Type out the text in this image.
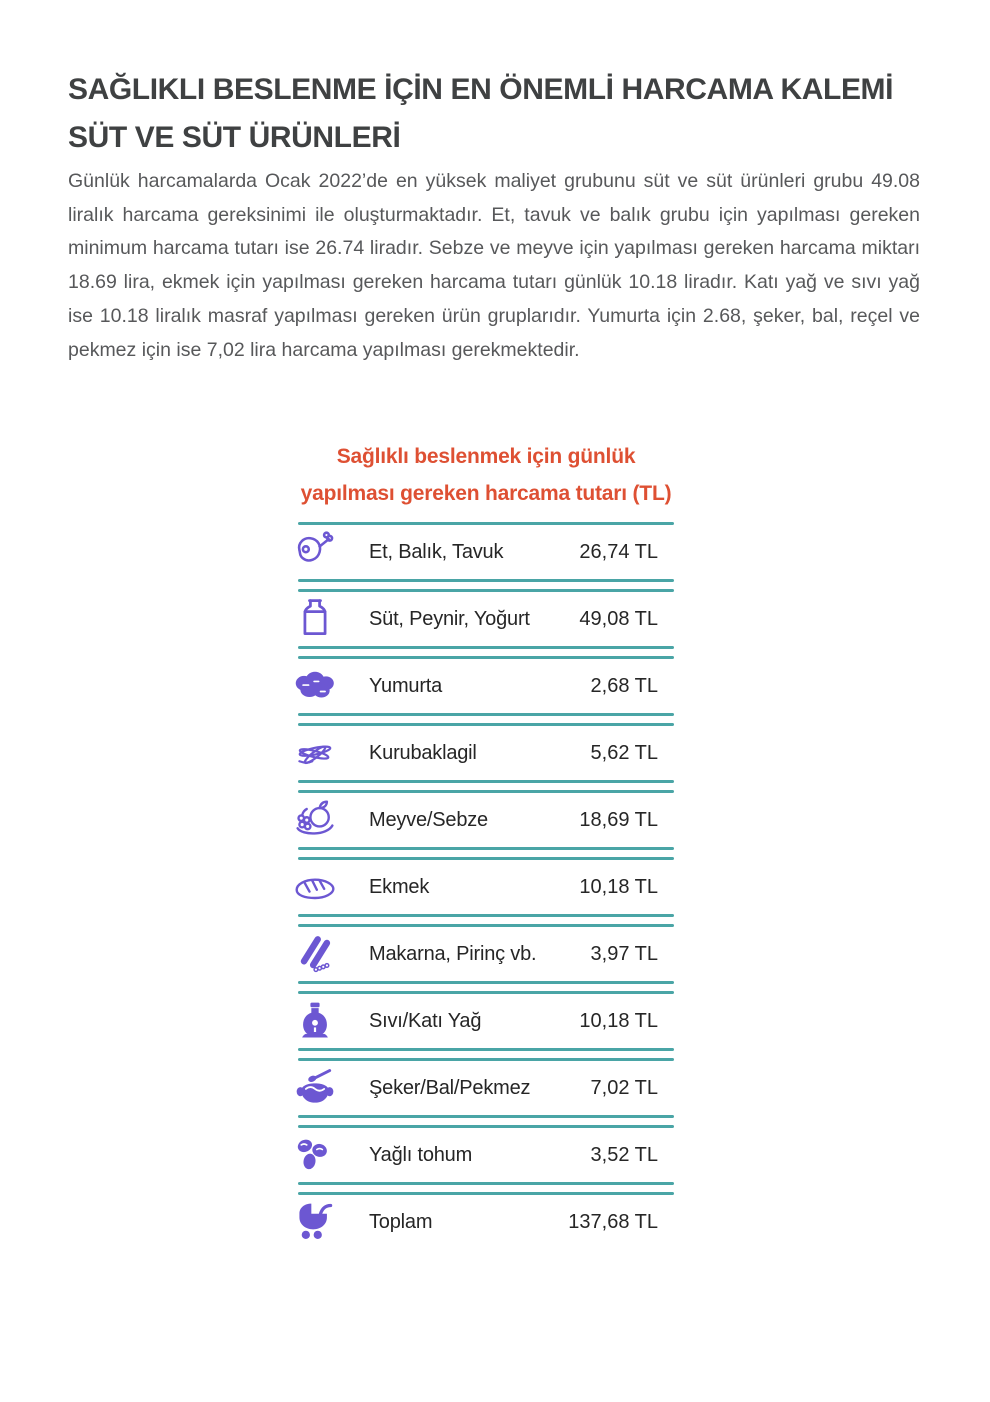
SAĞLIKLI BESLENME İÇİN EN ÖNEMLİ HARCAMA KALEMİ
SÜT VE SÜT ÜRÜNLERİ

Günlük harcamalarda Ocak 2022’de en yüksek maliyet grubunu süt ve süt ürünleri grubu 49.08 liralık harcama gereksinimi ile oluşturmaktadır. Et, tavuk ve balık grubu için yapılması gereken minimum harcama tutarı ise 26.74 liradır. Sebze ve meyve için yapılması gereken harcama miktarı 18.69 lira, ekmek için yapılması gereken harcama tutarı günlük 10.18 liradır. Katı yağ ve sıvı yağ ise 10.18 liralık masraf yapılması gereken ürün gruplarıdır. Yumurta için 2.68, şeker, bal, reçel ve pekmez için ise 7,02 lira harcama yapılması gerekmektedir.

Sağlıklı beslenmek için günlük
yapılması gereken harcama tutarı (TL)
Et, Balık, Tavuk	26,74 TL
Süt, Peynir, Yoğurt	49,08 TL
Yumurta	2,68 TL
Kurubaklagil	5,62 TL
Meyve/Sebze	18,69 TL
Ekmek	10,18 TL
Makarna, Pirinç vb.	3,97 TL
Sıvı/Katı Yağ	10,18 TL
Şeker/Bal/Pekmez	7,02 TL
Yağlı tohum	3,52 TL
Toplam	137,68 TL
